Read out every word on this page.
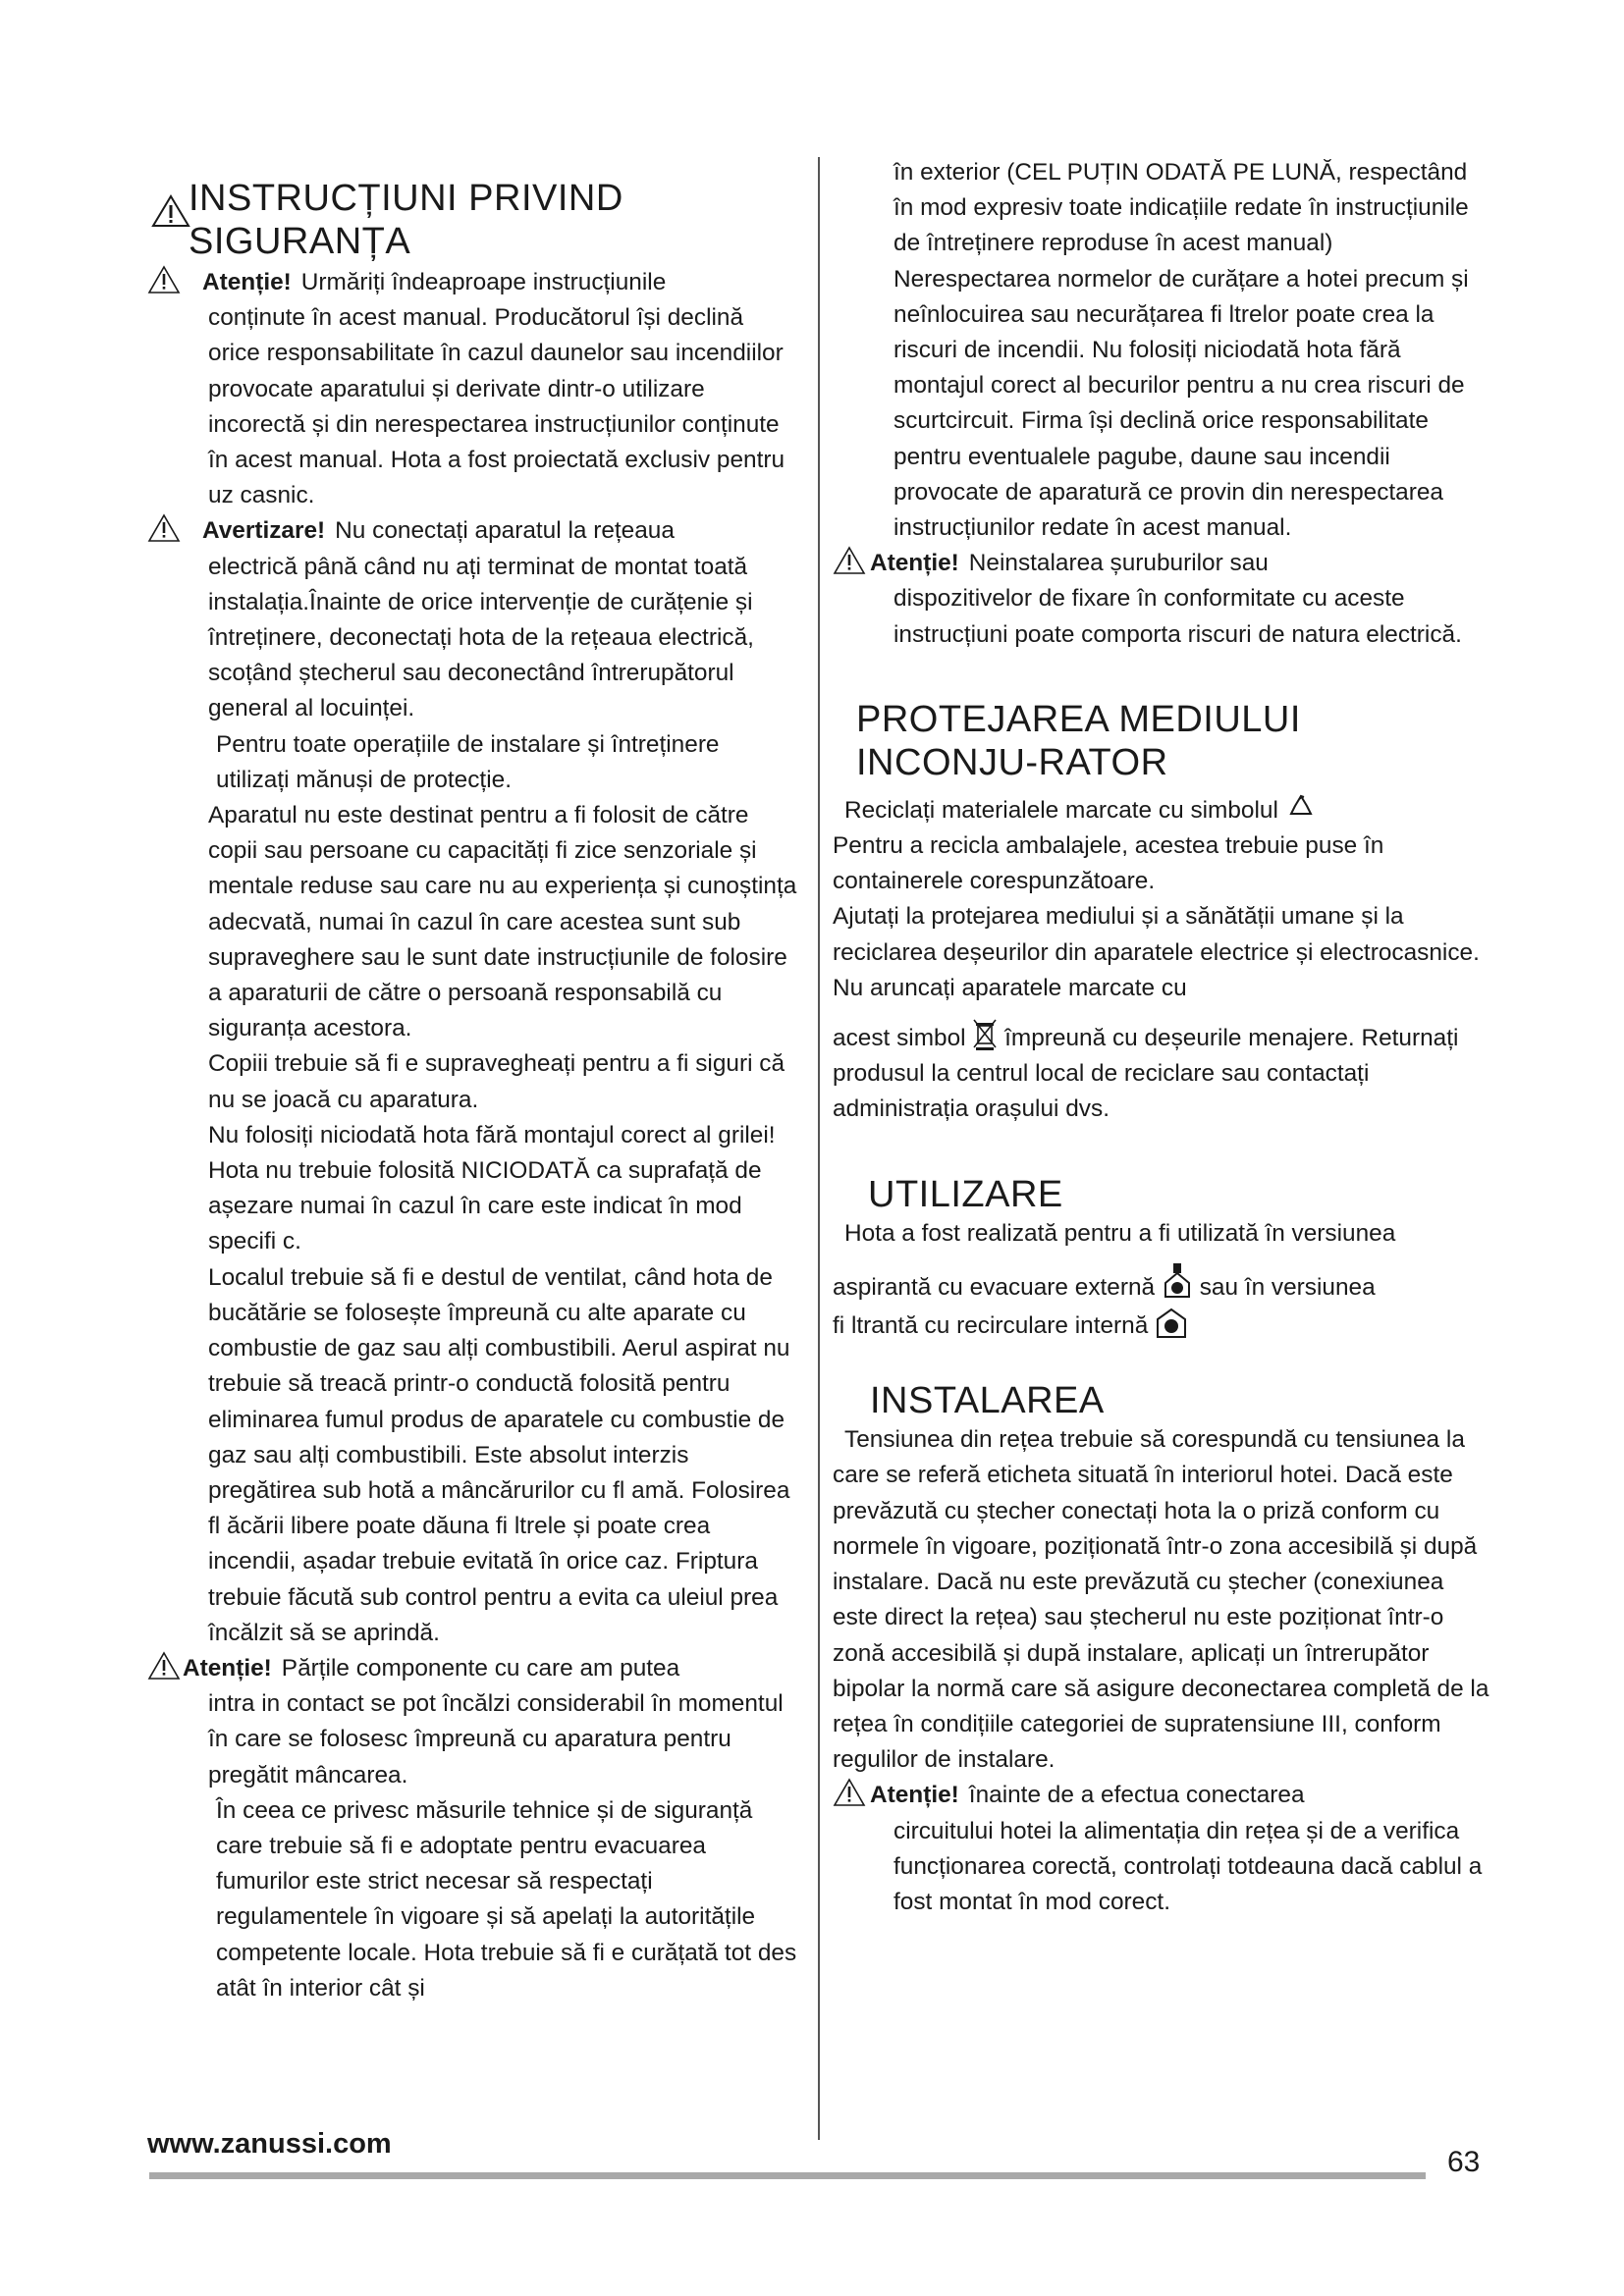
INSTRUCȚIUNI PRIVIND SIGURANȚA

Atenție! Urmăriți îndeaproape instrucțiunile

conținute în acest manual. Producătorul își declină orice responsabilitate în cazul daunelor sau incendiilor provocate aparatului și derivate dintr-o utilizare incorectă și din nerespectarea instrucțiunilor conținute în acest manual. Hota a fost proiectată exclusiv pentru uz casnic.

Avertizare! Nu conectați aparatul la rețeaua

electrică până când nu ați terminat de montat toată instalația.Înainte de orice intervenție de curățenie și întreținere, deconectați hota de la rețeaua electrică, scoțând ștecherul sau deconectând întrerupătorul general al locuinței.

Pentru toate operațiile de instalare și întreținere utilizați mănuși de protecție.

Aparatul nu este destinat pentru a fi folosit de către copii sau persoane cu capacități fi zice senzoriale și mentale reduse sau care nu au experiența și cunoștința adecvată, numai în cazul în care acestea sunt sub supraveghere sau le sunt date instrucțiunile de folosire a aparaturii de către o persoană responsabilă cu siguranța acestora.

Copiii trebuie să fi e supravegheați pentru a fi siguri că nu se joacă cu aparatura.

Nu folosiți niciodată hota fără montajul corect al grilei!

Hota nu trebuie folosită NICIODATĂ ca suprafață de așezare numai în cazul în care este indicat în mod specifi c.

Localul trebuie să fi e destul de ventilat, când hota de bucătărie se folosește împreună cu alte aparate cu combustie de gaz sau alți combustibili. Aerul aspirat nu trebuie să treacă printr-o conductă folosită pentru eliminarea fumul produs de aparatele cu combustie de gaz sau alți combustibili. Este absolut interzis pregătirea sub hotă a mâncărurilor cu fl amă. Folosirea fl ăcării libere poate dăuna fi ltrele și poate crea incendii, așadar trebuie evitată în orice caz. Friptura trebuie făcută sub control pentru a evita ca uleiul prea încălzit să se aprindă.

Atenție! Părțile componente cu care am putea

intra in contact se pot încălzi considerabil în momentul în care se folosesc împreună cu aparatura pentru pregătit mâncarea.

În ceea ce privesc măsurile tehnice și de siguranță care trebuie să fi e adoptate pentru evacuarea fumurilor este strict necesar să respectați regulamentele în vigoare și să apelați la autoritățile competente locale. Hota trebuie să fi e curățată tot des atât în interior cât și

în exterior (CEL PUȚIN ODATĂ PE LUNĂ, respectând în mod expresiv toate indicațiile redate în instrucțiunile de întreținere reproduse în acest manual) Nerespectarea normelor de curățare a hotei precum și neînlocuirea sau necurățarea fi ltrelor poate crea la riscuri de incendii. Nu folosiți niciodată hota fără montajul corect al becurilor pentru a nu crea riscuri de scurtcircuit. Firma își declină orice responsabilitate pentru eventualele pagube, daune sau incendii provocate de aparatură ce provin din nerespectarea instrucțiunilor redate în acest manual.

Atenție! Neinstalarea șuruburilor sau

dispozitivelor de fixare în conformitate cu aceste instrucțiuni poate comporta riscuri de natura electrică.

PROTEJAREA MEDIULUI INCONJU-RATOR

Reciclați materialele marcate cu simbolul

Pentru a recicla ambalajele, acestea trebuie puse în containerele corespunzătoare.

Ajutați la protejarea mediului și a sănătății umane și la reciclarea deșeurilor din aparatele electrice și electrocasnice. Nu aruncați aparatele marcate cu

acest simbol împreună cu deșeurile menajere. Returnați produsul la centrul local de reciclare sau contactați administrația orașului dvs.

UTILIZARE

Hota a fost realizată pentru a fi utilizată în versiunea

aspirantă cu evacuare externă sau în versiunea

fi ltrantă cu recirculare internă

INSTALAREA

Tensiunea din rețea trebuie să corespundă cu tensiunea la care se referă eticheta situată în interiorul hotei. Dacă este prevăzută cu ștecher conectați hota la o priză conform cu normele în vigoare, poziționată într-o zona accesibilă și după instalare. Dacă nu este prevăzută cu ștecher (conexiunea este direct la rețea) sau ștecherul nu este poziționat într-o zonă accesibilă și după instalare, aplicați un întrerupător bipolar la normă care să asigure deconectarea completă de la rețea în condițiile categoriei de supratensiune III, conform regulilor de instalare.

Atenție! înainte de a efectua conectarea

circuitului hotei la alimentația din rețea și de a verifica funcționarea corectă, controlați totdeauna dacă cablul a fost montat în mod corect.

www.zanussi.com
63
